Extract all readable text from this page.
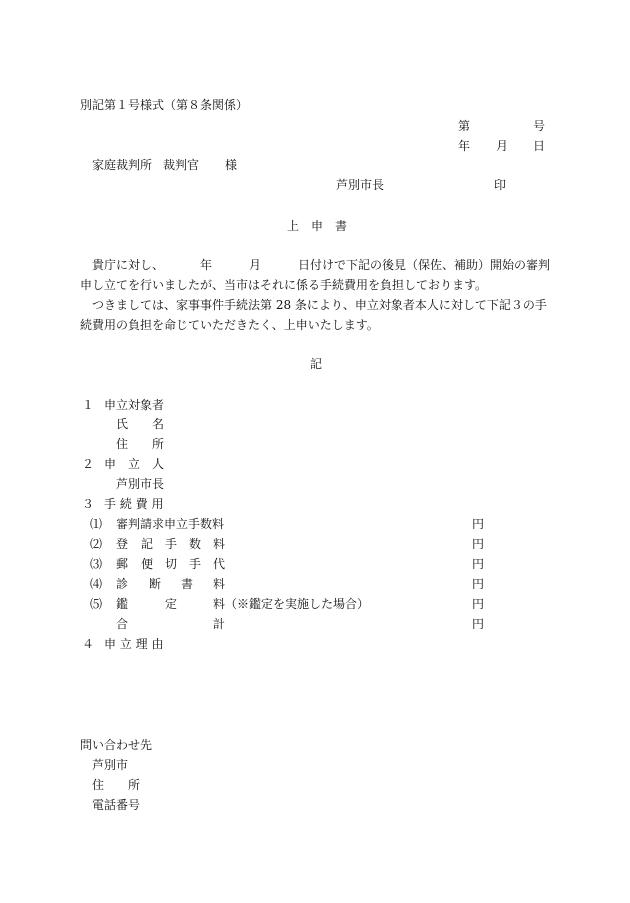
別記第１号様式（第８条関係）
第	号
年 月 日
家庭裁判所 裁判官 様
芦別市長	印
上 申 書
貴庁に対し、	年	月	日付けで下記の後見（保佐、補助）開始の審判
申し立てを行いましたが、当市はそれに係る手続費用を負担しております。
つきましては、家事事件手続法第 28 条により、申立対象者本人に対して下記３の手
続費用の負担を命じていただきたく、上申いたします。
記
１ 申立対象者
氏 名
住 所
２ 申 立 人
芦別市長
３ 手 続 費 用
⑴ 審判請求申立手数料	円
⑵ 登 記 手 数 料	円
⑶ 郵 便 切 手 代	円
⑷ 診 断 書 料	円
⑸ 鑑	定	料（※鑑定を実施した場合）	円
合	計	円
４ 申 立 理 由
問い合わせ先
芦別市
住 所
電話番号
